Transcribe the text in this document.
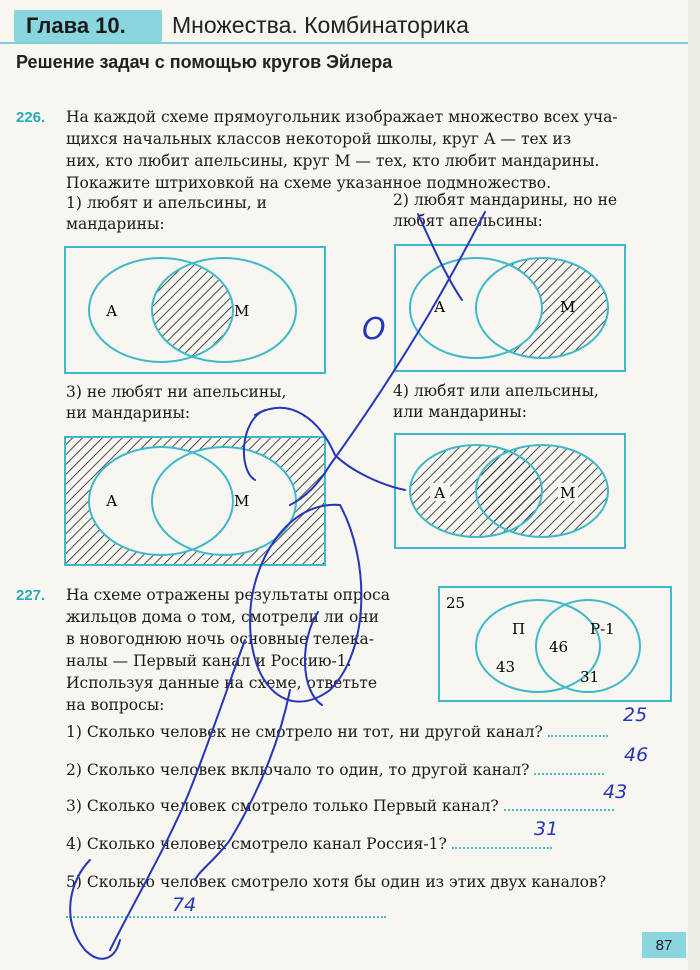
Глава 10.	Множества. Комбинаторика
Решение задач с помощью кругов Эйлера
226. На каждой схеме прямоугольник изображает множество всех уча-
щихся начальных классов некоторой школы, круг А — тех из
них, кто любит апельсины, круг М — тех, кто любит мандарины.
Покажите штриховкой на схеме указанное подмножество.
1) любят и апельсины, и
мандарины:
2) любят мандарины, но не
любят апельсины:
3) не любят ни апельсины,
ни мандарины:
4) любят или апельсины,
или мандарины:
А	М	А	М
А	М	А	М
227. На схеме отражены результаты опроса
жильцов дома о том, смотрели ли они
в новогоднюю ночь основные телека-
налы — Первый канал и Россию-1.
Используя данные на схеме, ответьте
на вопросы:
25
П	Р-1
43
46
31
1) Сколько человек не смотрело ни тот, ни другой канал?
2) Сколько человек включало то один, то другой канал?
3) Сколько человек смотрело только Первый канал?
4) Сколько человек смотрело канал Россия-1?
5) Сколько человек смотрело хотя бы один из этих двух каналов?
87
25
46
43
31
74
О
